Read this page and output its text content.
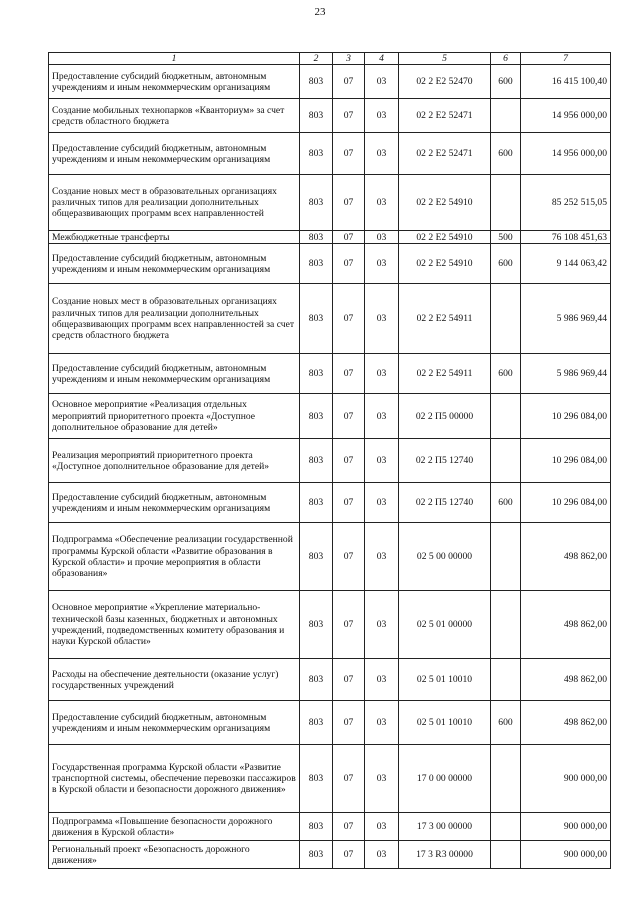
23
1	2	3	4	5	6	7
Предоставление субсидий бюджетным, автономным учреждениям и иным некоммерческим организациям	803	07	03	02 2 E2 52470	600	16 415 100,40
Создание мобильных технопарков «Кванториум» за счет средств областного бюджета	803	07	03	02 2 E2 52471		14 956 000,00
Предоставление субсидий бюджетным, автономным учреждениям и иным некоммерческим организациям	803	07	03	02 2 E2 52471	600	14 956 000,00
Создание новых мест в образовательных организациях различных типов для реализации дополнительных общеразвивающих программ всех направленностей	803	07	03	02 2 E2 54910		85 252 515,05
Межбюджетные трансферты	803	07	03	02 2 E2 54910	500	76 108 451,63
Предоставление субсидий бюджетным, автономным учреждениям и иным некоммерческим организациям	803	07	03	02 2 E2 54910	600	9 144 063,42
Создание новых мест в образовательных организациях различных типов для реализации дополнительных общеразвивающих программ всех направленностей за счет средств областного бюджета	803	07	03	02 2 E2 54911		5 986 969,44
Предоставление субсидий бюджетным, автономным учреждениям и иным некоммерческим организациям	803	07	03	02 2 E2 54911	600	5 986 969,44
Основное мероприятие «Реализация отдельных мероприятий приоритетного проекта «Доступное дополнительное образование для детей»	803	07	03	02 2 П5 00000		10 296 084,00
Реализация мероприятий приоритетного проекта «Доступное дополнительное образование для детей»	803	07	03	02 2 П5 12740		10 296 084,00
Предоставление субсидий бюджетным, автономным учреждениям и иным некоммерческим организациям	803	07	03	02 2 П5 12740	600	10 296 084,00
Подпрограмма «Обеспечение реализации государственной программы Курской области «Развитие образования в Курской области» и прочие мероприятия в области образования»	803	07	03	02 5 00 00000		498 862,00
Основное мероприятие «Укрепление материально-технической базы казенных, бюджетных и автономных учреждений, подведомственных комитету образования и науки Курской области»	803	07	03	02 5 01 00000		498 862,00
Расходы на обеспечение деятельности (оказание услуг) государственных учреждений	803	07	03	02 5 01 10010		498 862,00
Предоставление субсидий бюджетным, автономным учреждениям и иным некоммерческим организациям	803	07	03	02 5 01 10010	600	498 862,00
Государственная программа Курской области «Развитие транспортной системы, обеспечение перевозки пассажиров в Курской области и безопасности дорожного движения»	803	07	03	17 0 00 00000		900 000,00
Подпрограмма «Повышение безопасности дорожного движения в Курской области»	803	07	03	17 3 00 00000		900 000,00
Региональный проект «Безопасность дорожного движения»	803	07	03	17 3 R3 00000		900 000,00
